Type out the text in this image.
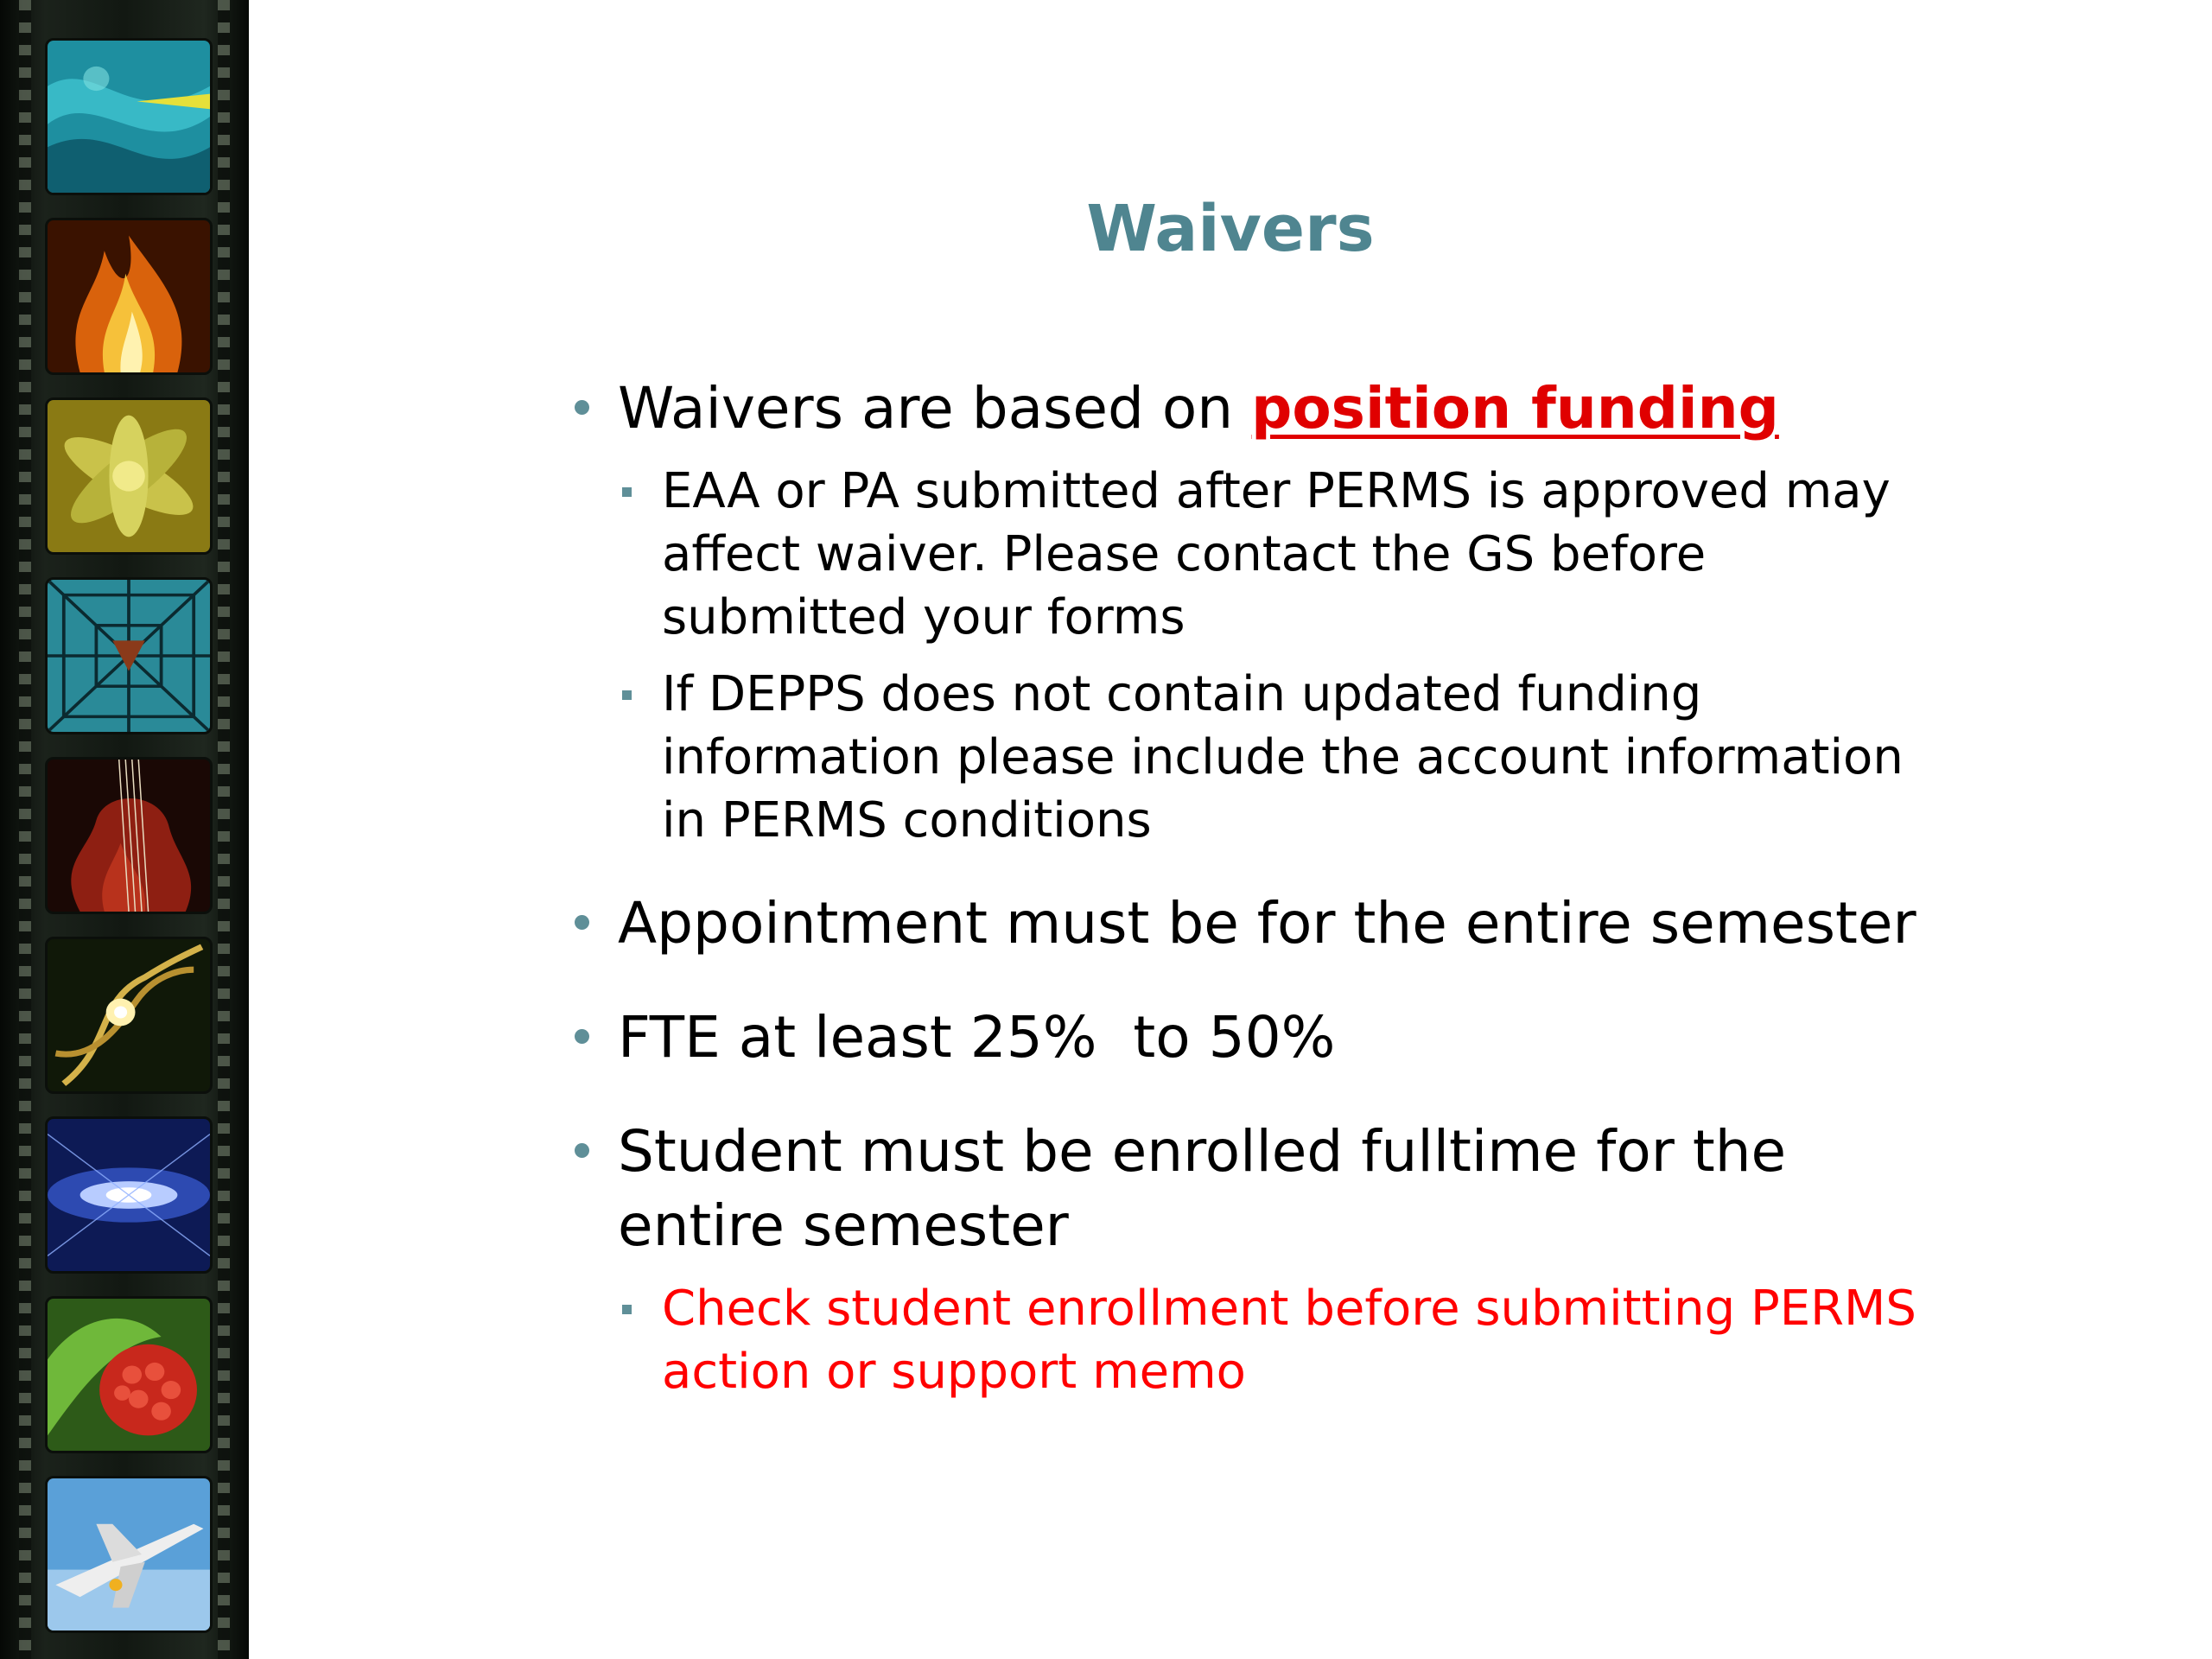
Waivers
Waivers are based on position funding
EAA or PA submitted after PERMS is approved may affect waiver. Please contact the GS before submitted your forms
If DEPPS does not contain updated funding information please include the account information in PERMS conditions
Appointment must be for the entire semester
FTE at least 25%  to 50%
Student must be enrolled fulltime for the entire semester
Check student enrollment before submitting PERMS action or support memo
